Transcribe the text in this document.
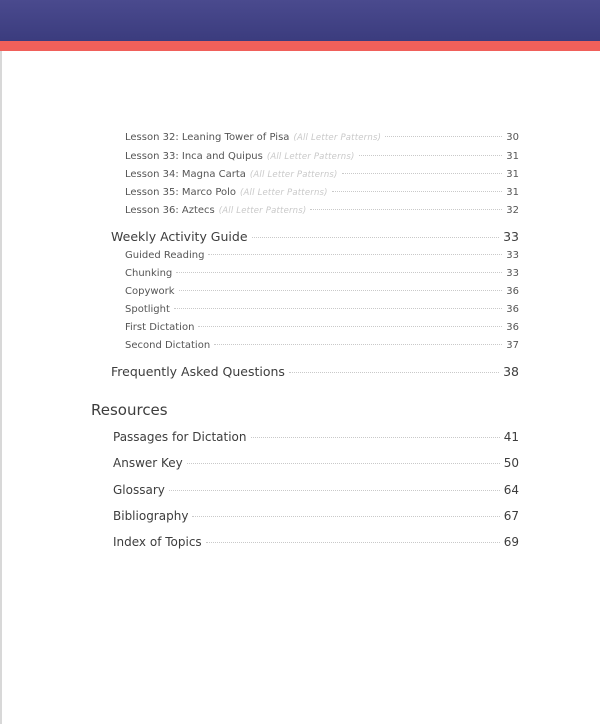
Lesson 32: Leaning Tower of Pisa (All Letter Patterns)	30
Lesson 33: Inca and Quipus (All Letter Patterns)	31
Lesson 34: Magna Carta (All Letter Patterns)	31
Lesson 35: Marco Polo (All Letter Patterns)	31
Lesson 36: Aztecs (All Letter Patterns)	32
Weekly Activity Guide	33
Guided Reading	33
Chunking	33
Copywork	36
Spotlight	36
First Dictation	36
Second Dictation	37
Frequently Asked Questions	38
Resources
Passages for Dictation	41
Answer Key	50
Glossary	64
Bibliography	67
Index of Topics	69
